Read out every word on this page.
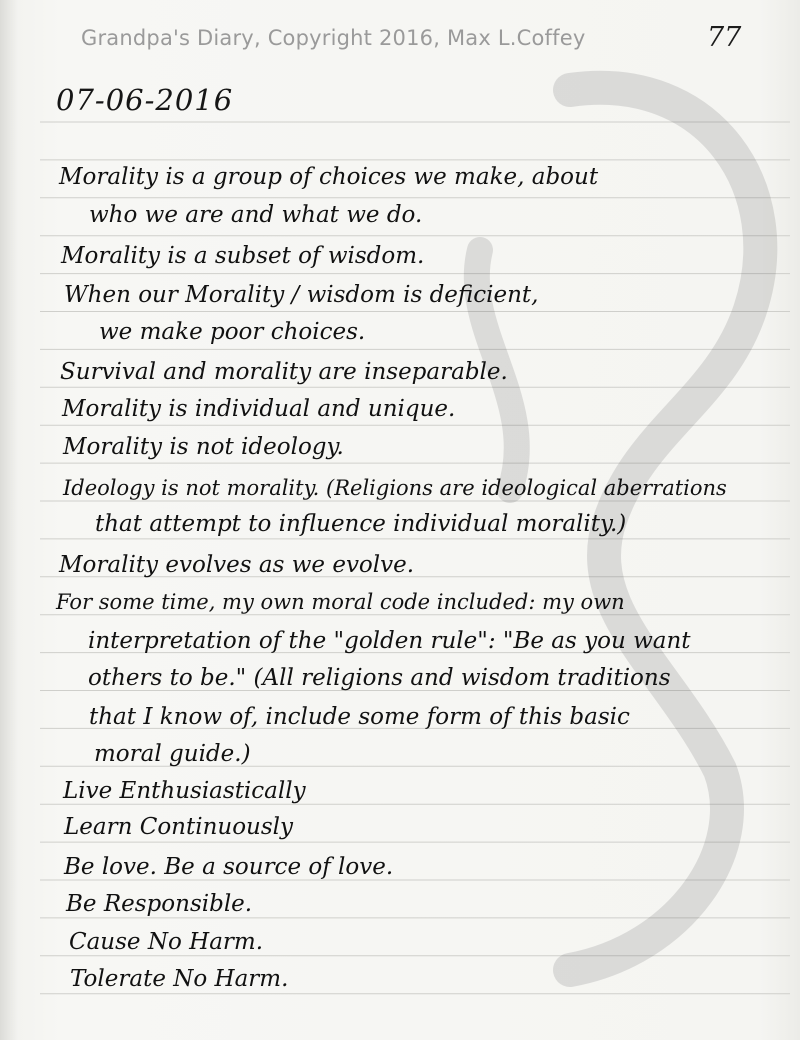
Grandpa's Diary, Copyright 2016, Max L.Coffey	77
07-06-2016
Morality is a group of choices we make, about
who we are and what we do.
Morality is a subset of wisdom.
When our Morality / wisdom is deficient,
we make poor choices.
Survival and morality are inseparable.
Morality is individual and unique.
Morality is not ideology.
Ideology is not morality. (Religions are ideological aberrations
that attempt to influence individual morality.)
Morality evolves as we evolve.
For some time, my own moral code included: my own
interpretation of the "golden rule": "Be as you want
others to be." (All religions and wisdom traditions
that I know of, include some form of this basic
moral guide.)
Live Enthusiastically
Learn Continuously
Be love. Be a source of love.
Be Responsible.
Cause No Harm.
Tolerate No Harm.
